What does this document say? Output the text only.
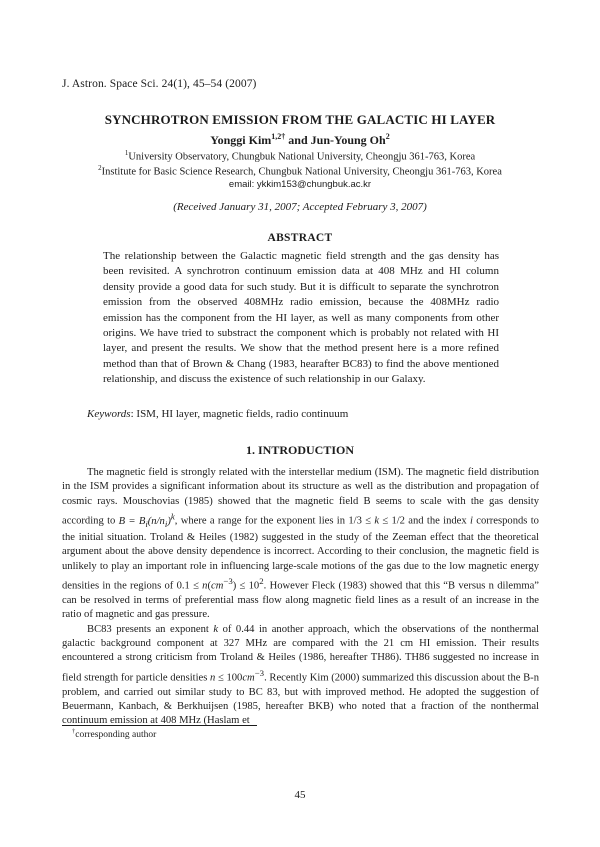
J. Astron. Space Sci. 24(1), 45–54 (2007)
SYNCHROTRON EMISSION FROM THE GALACTIC HI LAYER
Yonggi Kim$^{1,2\dagger}$ and Jun-Young Oh$^2$
$^1$University Observatory, Chungbuk National University, Cheongju 361-763, Korea
$^2$Institute for Basic Science Research, Chungbuk National University, Cheongju 361-763, Korea
email: ykkim153@chungbuk.ac.kr
(Received January 31, 2007; Accepted February 3, 2007)
ABSTRACT
The relationship between the Galactic magnetic field strength and the gas density has been revisited. A synchrotron continuum emission data at 408 MHz and HI column density provide a good data for such study. But it is difficult to separate the synchrotron emission from the observed 408MHz radio emission, because the 408MHz radio emission has the component from the HI layer, as well as many components from other origins. We have tried to substract the component which is probably not related with HI layer, and present the results. We show that the method present here is a more refined method than that of Brown & Chang (1983, hearafter BC83) to find the above mentioned relationship, and discuss the existence of such relationship in our Galaxy.
Keywords: ISM, HI layer, magnetic fields, radio continuum
1. INTRODUCTION

The magnetic field is strongly related with the interstellar medium (ISM). The magnetic field distribution in the ISM provides a significant information about its structure as well as the distribution and propagation of cosmic rays. Mouschovias (1985) showed that the magnetic field B seems to scale with the gas density according to $B = B_i(n/n_i)^k$, where a range for the exponent lies in 1/3 ≤ k ≤ 1/2 and the index i corresponds to the initial situation. Troland & Heiles (1982) suggested in the study of the Zeeman effect that the theoretical argument about the above density dependence is incorrect. According to their conclusion, the magnetic field is unlikely to play an important role in influencing large-scale motions of the gas due to the low magnetic energy densities in the regions of $0.1 \le n(cm^{-3}) \le 10^2$. However Fleck (1983) showed that this “B versus n dilemma” can be resolved in terms of preferential mass flow along magnetic field lines as a result of an increase in the ratio of magnetic and gas pressure.

BC83 presents an exponent k of 0.44 in another approach, which the observations of the nonthermal galactic background component at 327 MHz are compared with the 21 cm HI emission. Their results encountered a strong criticism from Troland & Heiles (1986, hereafter TH86). TH86 suggested no increase in field strength for particle densities $n \le 100cm^{-3}$. Recently Kim (2000) summarized this discussion about the B-n problem, and carried out similar study to BC 83, but with improved method. He adopted the suggestion of Beuermann, Kanbach, & Berkhuijsen (1985, hereafter BKB) who noted that a fraction of the nonthermal continuum emission at 408 MHz (Haslam et

†corresponding author
45
